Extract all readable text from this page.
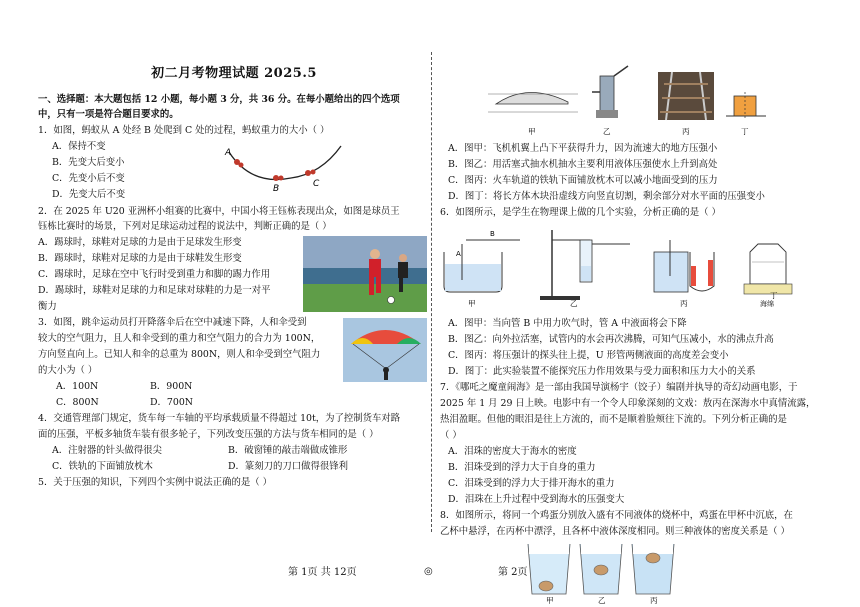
初二月考物理试题 2025.5
一、选择题：本大题包括 12 小题，每小题 3 分，共 36 分。在每小题给出的四个选项
中，只有一项是符合题目要求的。
1．如图，蚂蚁从 A 处经 B 处爬到 C 处的过程，蚂蚁重力的大小（ ）
A．保持不变
B．先变大后变小
C．先变小后不变
D．先变大后不变
A
B	C
2．在 2025 年 U20 亚洲杯小组赛的比赛中，中国小将王钰栋表现出众，如图是球员王
钰栋比赛时的场景，下列对足球运动过程的说法中，判断正确的是（ ）
A．踢球时，球鞋对足球的力是由于足球发生形变
B．踢球时，球鞋对足球的力是由于球鞋发生形变
C．踢球时，足球在空中飞行时受到重力和脚的踢力作用
D．踢球时，球鞋对足球的力和足球对球鞋的力是一对平
衡力
3．如图，跳伞运动员打开降落伞后在空中减速下降，人和伞受到
较大的空气阻力，且人和伞受到的重力和空气阻力的合力为 100N，
方向竖直向上。已知人和伞的总重为 800N，则人和伞受到空气阻力
的大小为（ ）
A．100N	B．900N
C．800N	D．700N
4．交通管理部门规定，货车每一车轴的平均承载质量不得超过 10t，为了控制货车对路
面的压强，平板多轴货车装有很多轮子，下列改变压强的方法与货车相同的是（ ）
A．注射器的针头做得很尖	B．破窗锤的敲击端做成锥形
C．铁轨的下面铺放枕木	D．篆刻刀的刀口做得很锋利
5．关于压强的知识，下列四个实例中说法正确的是（ ）
第 1页 共 12页	◎
甲	乙	丙	丁
A．图甲：飞机机翼上凸下平获得升力，因为流速大的地方压强小
B．图乙：用活塞式抽水机抽水主要利用液体压强使水上升到高处
C．图丙：火车轨道的铁轨下面铺放枕木可以减小地面受到的压力
D．图丁：将长方体木块沿虚线方向竖直切割，剩余部分对水平面的压强变小
6．如图所示，是学生在物理课上做的几个实验，分析正确的是（ ）
A
B
海绵
甲	乙	丙
丁
A．图甲：当向管 B 中用力吹气时，管 A 中液面将会下降
B．图乙：向外拉活塞，试管内的水会再次沸腾，可知气压减小，水的沸点升高
C．图丙：将压强计的探头往上提，U 形管两侧液面的高度差会变小
D．图丁：此实验装置不能探究压力作用效果与受力面积和压力大小的关系
7．《哪吒之魔童闹海》是一部由我国导演杨宇（饺子）编剧并执导的奇幻动画电影，于
2025 年 1 月 29 日上映。电影中有一个令人印象深刻的文戏：敖丙在深海水中真情流露，
热泪盈眶。但他的眼泪是往上方流的，而不是顺着脸颊往下流的。下列分析正确的是
（ ）
A．泪珠的密度大于海水的密度
B．泪珠受到的浮力大于自身的重力
C．泪珠受到的浮力大于排开海水的重力
D．泪珠在上升过程中受到海水的压强变大
8．如图所示，将同一个鸡蛋分别放入盛有不同液体的烧杯中，鸡蛋在甲杯中沉底，在
乙杯中悬浮，在丙杯中漂浮，且各杯中液体深度相同。则三种液体的密度关系是（ ）
第 2页
甲	乙	丙
